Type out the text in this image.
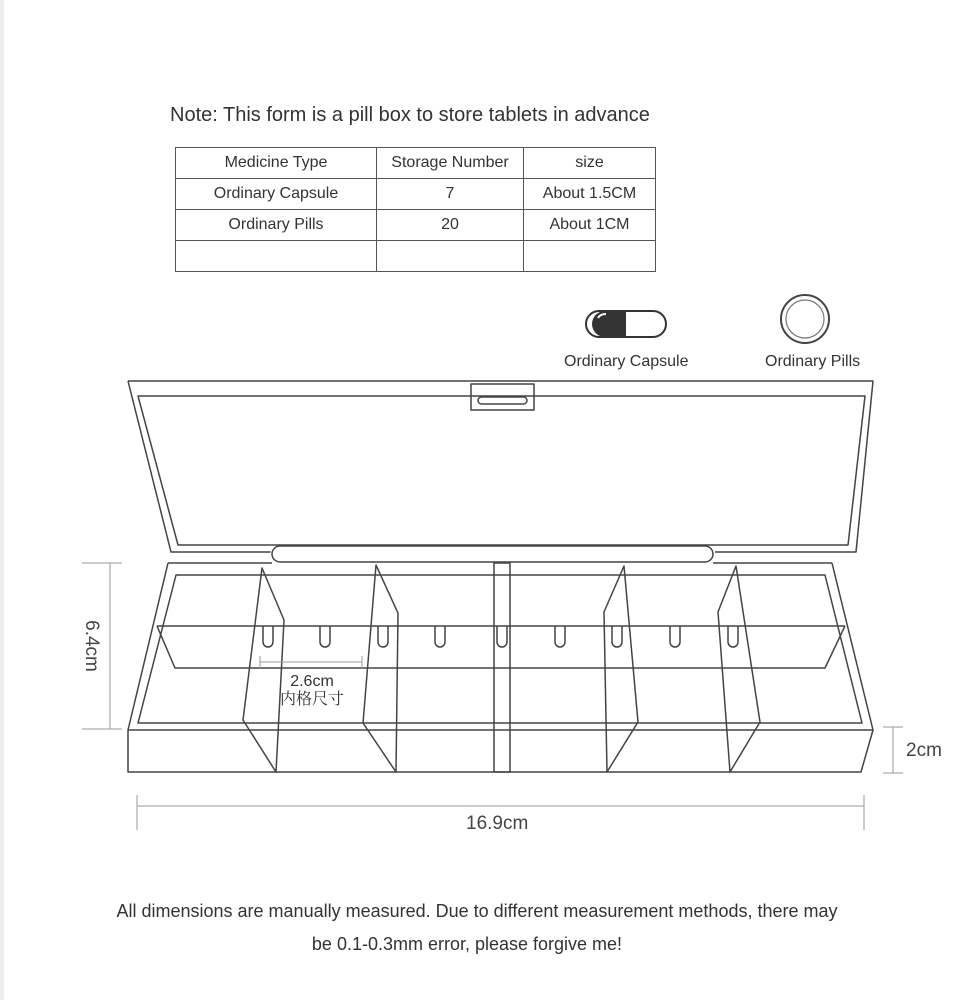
Note: This form is a pill box to store tablets in advance
Medicine Type	Storage Number	size
Ordinary Capsule	7	About 1.5CM
Ordinary Pills	20	About 1CM

Ordinary Capsule	Ordinary Pills
6.4cm
2cm
16.9cm
2.6cm
内格尺寸
All dimensions are manually measured. Due to different measurement methods, there may
be 0.1-0.3mm error, please forgive me!
